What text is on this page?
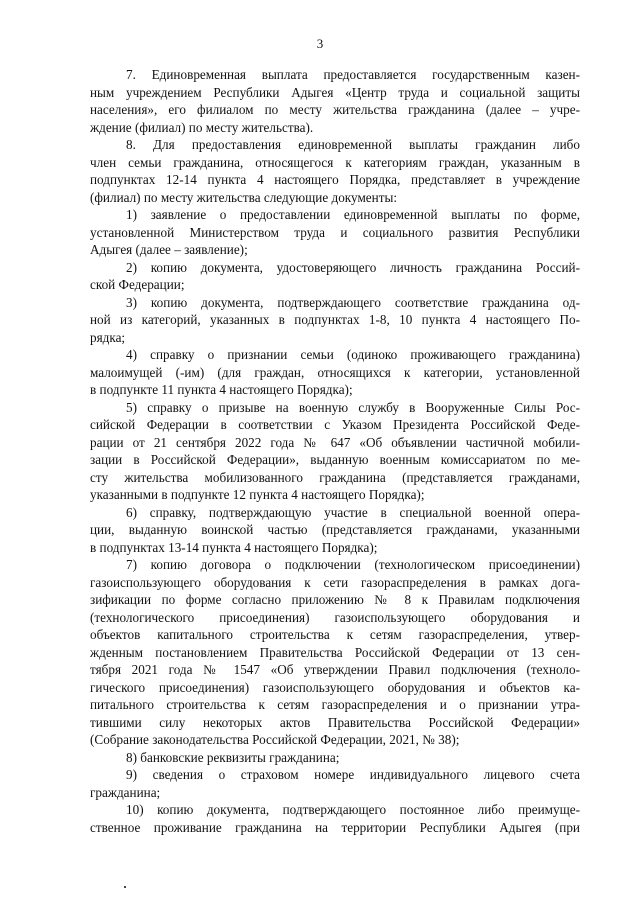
3
7. Единовременная выплата предоставляется государственным казен-
ным учреждением Республики Адыгея «Центр труда и социальной защиты
населения», его филиалом по месту жительства гражданина (далее – учре-
ждение (филиал) по месту жительства).
8. Для предоставления единовременной выплаты гражданин либо
член семьи гражданина, относящегося к категориям граждан, указанным в
подпунктах 12-14 пункта 4 настоящего Порядка, представляет в учреждение
(филиал) по месту жительства следующие документы:
1) заявление о предоставлении единовременной выплаты по форме,
установленной Министерством труда и социального развития Республики
Адыгея (далее – заявление);
2) копию документа, удостоверяющего личность гражданина Россий-
ской Федерации;
3) копию документа, подтверждающего соответствие гражданина од-
ной из категорий, указанных в подпунктах 1-8, 10 пункта 4 настоящего По-
рядка;
4) справку о признании семьи (одиноко проживающего гражданина)
малоимущей (-им) (для граждан, относящихся к категории, установленной
в подпункте 11 пункта 4 настоящего Порядка);
5) справку о призыве на военную службу в Вооруженные Силы Рос-
сийской Федерации в соответствии с Указом Президента Российской Феде-
рации от 21 сентября 2022 года № 647 «Об объявлении частичной мобили-
зации в Российской Федерации», выданную военным комиссариатом по ме-
сту жительства мобилизованного гражданина (представляется гражданами,
указанными в подпункте 12 пункта 4 настоящего Порядка);
6) справку, подтверждающую участие в специальной военной опера-
ции, выданную воинской частью (представляется гражданами, указанными
в подпунктах 13-14 пункта 4 настоящего Порядка);
7) копию договора о подключении (технологическом присоединении)
газоиспользующего оборудования к сети газораспределения в рамках дога-
зификации по форме согласно приложению № 8 к Правилам подключения
(технологического присоединения) газоиспользующего оборудования и
объектов капитального строительства к сетям газораспределения, утвер-
жденным постановлением Правительства Российской Федерации от 13 сен-
тября 2021 года № 1547 «Об утверждении Правил подключения (техноло-
гического присоединения) газоиспользующего оборудования и объектов ка-
питального строительства к сетям газораспределения и о признании утра-
тившими силу некоторых актов Правительства Российской Федерации»
(Собрание законодательства Российской Федерации, 2021, № 38);
8) банковские реквизиты гражданина;
9) сведения о страховом номере индивидуального лицевого счета
гражданина;
10) копию документа, подтверждающего постоянное либо преимуще-
ственное проживание гражданина на территории Республики Адыгея (при
